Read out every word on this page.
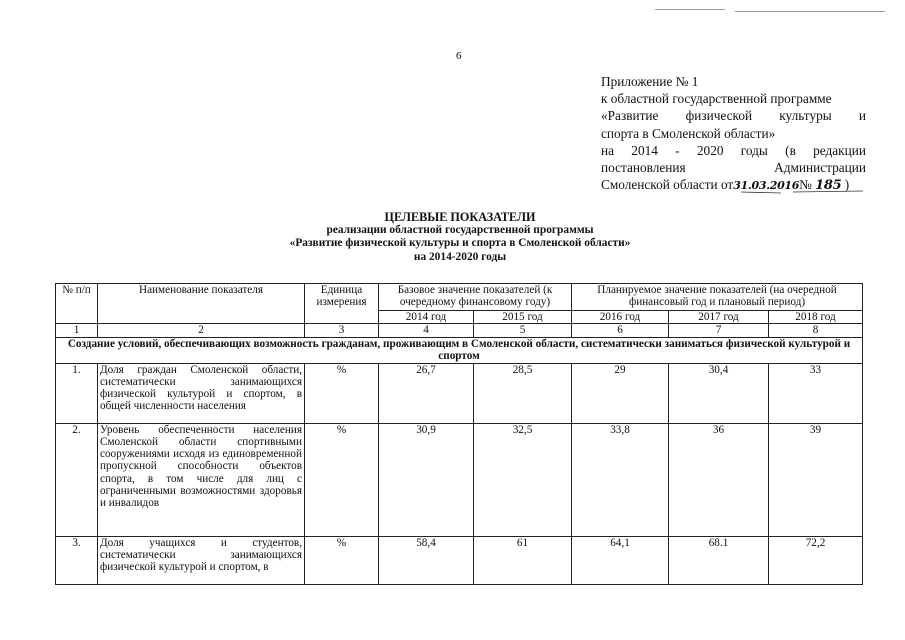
6
Приложение № 1
к областной государственной программе
«Развитие физической культуры и
спорта в Смоленской области»
на 2014 - 2020 годы (в редакции
постановления Администрации
Смоленской области от31.03.2016№ 185 )
ЦЕЛЕВЫЕ ПОКАЗАТЕЛИ
реализации областной государственной программы
«Развитие физической культуры и спорта в Смоленской области»
на 2014-2020 годы
№ п/п	Наименование показателя	Единица измерения	Базовое значение показателей (к очередному финансовому году)		Планируемое значение показателей (на очередной финансовый год и плановый период)		
			2014 год	2015 год	2016 год	2017 год	2018 год
1	2	3	4	5	6	7	8
Создание условий, обеспечивающих возможность гражданам, проживающим в Смоленской области, систематически заниматься физической культурой и спортом							
1.	Доля граждан Смоленской области, систематически занимающихся физической культурой и спортом, в общей численности населения	%	26,7	28,5	29	30,4	33
2.	Уровень обеспеченности населения Смоленской области спортивными сооружениями исходя из единовременной пропускной способности объектов спорта, в том числе для лиц с ограниченными возможностями здоровья и инвалидов	%	30,9	32,5	33,8	36	39
3.	Доля учащихся и студентов, систематически занимающихся физической культурой и спортом, в	%	58,4	61	64,1	68.1	72,2
